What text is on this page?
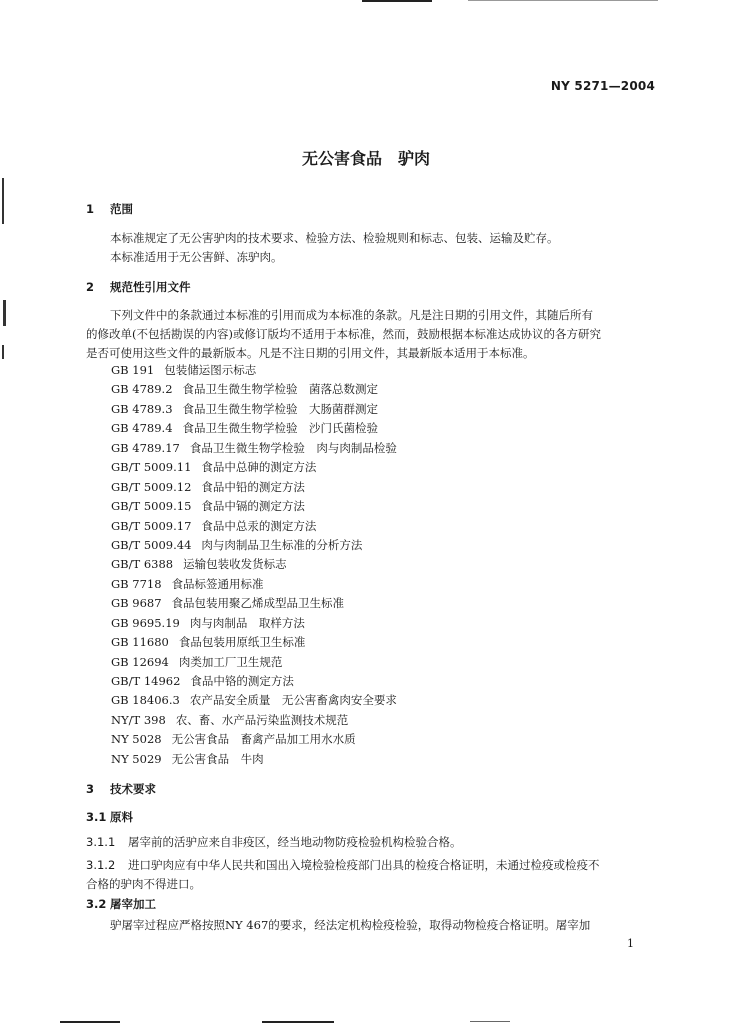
NY 5271—2004
无公害食品　驴肉
1 范围
本标准规定了无公害驴肉的技术要求、检验方法、检验规则和标志、包装、运输及贮存。
本标准适用于无公害鲜、冻驴肉。
2 规范性引用文件
下列文件中的条款通过本标准的引用而成为本标准的条款。凡是注日期的引用文件，其随后所有
的修改单(不包括勘误的内容)或修订版均不适用于本标准，然而，鼓励根据本标准达成协议的各方研究
是否可使用这些文件的最新版本。凡是不注日期的引用文件，其最新版本适用于本标准。
GB 191 包装储运图示标志
GB 4789.2 食品卫生微生物学检验　菌落总数测定
GB 4789.3 食品卫生微生物学检验　大肠菌群测定
GB 4789.4 食品卫生微生物学检验　沙门氏菌检验
GB 4789.17 食品卫生微生物学检验　肉与肉制品检验
GB/T 5009.11 食品中总砷的测定方法
GB/T 5009.12 食品中铅的测定方法
GB/T 5009.15 食品中镉的测定方法
GB/T 5009.17 食品中总汞的测定方法
GB/T 5009.44 肉与肉制品卫生标准的分析方法
GB/T 6388 运输包装收发货标志
GB 7718 食品标签通用标准
GB 9687 食品包装用聚乙烯成型品卫生标准
GB 9695.19 肉与肉制品　取样方法
GB 11680 食品包装用原纸卫生标准
GB 12694 肉类加工厂卫生规范
GB/T 14962 食品中铬的测定方法
GB 18406.3 农产品安全质量　无公害畜禽肉安全要求
NY/T 398 农、畜、水产品污染监测技术规范
NY 5028 无公害食品　畜禽产品加工用水水质
NY 5029 无公害食品　牛肉
3 技术要求
3.1 原料
3.1.1 屠宰前的活驴应来自非疫区，经当地动物防疫检验机构检验合格。
3.1.2 进口驴肉应有中华人民共和国出入境检验检疫部门出具的检疫合格证明，未通过检疫或检疫不
合格的驴肉不得进口。
3.2 屠宰加工
驴屠宰过程应严格按照NY 467的要求，经法定机构检疫检验，取得动物检疫合格证明。屠宰加
1
